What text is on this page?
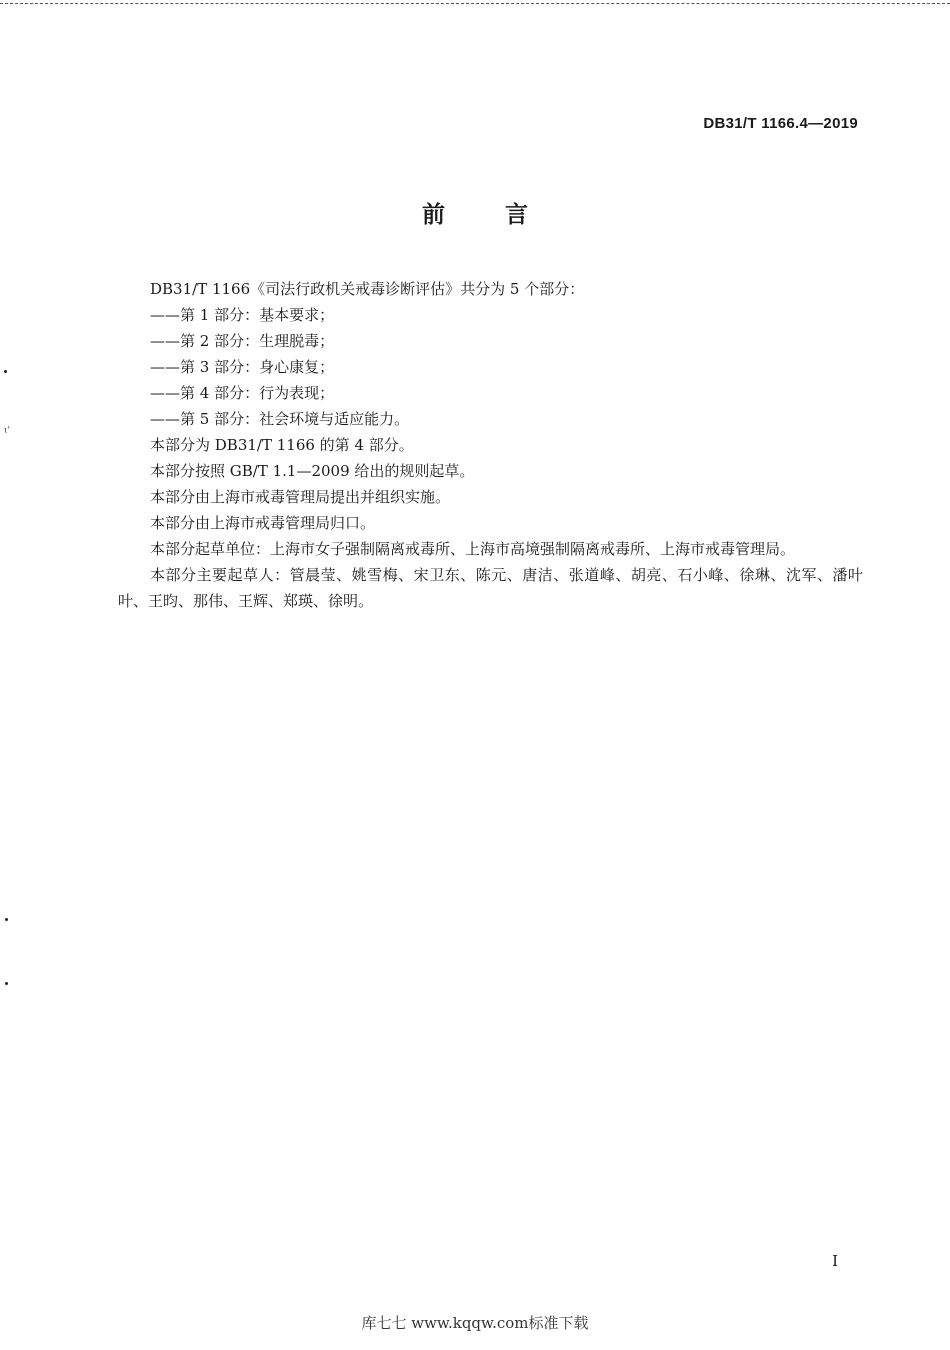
DB31/T 1166.4—2019
前言

DB31/T 1166《司法行政机关戒毒诊断评估》共分为 5 个部分：

——第 1 部分：基本要求；

——第 2 部分：生理脱毒；

——第 3 部分：身心康复；

——第 4 部分：行为表现；

——第 5 部分：社会环境与适应能力。

本部分为 DB31/T 1166 的第 4 部分。

本部分按照 GB/T 1.1—2009 给出的规则起草。

本部分由上海市戒毒管理局提出并组织实施。

本部分由上海市戒毒管理局归口。

本部分起草单位：上海市女子强制隔离戒毒所、上海市高境强制隔离戒毒所、上海市戒毒管理局。

本部分主要起草人：管晨莹、姚雪梅、宋卫东、陈元、唐洁、张道峰、胡亮、石小峰、徐琳、沈军、潘叶叶、王昀、那伟、王辉、郑瑛、徐明。

ɩ'
I
库七七 www.kqqw.com标准下载
